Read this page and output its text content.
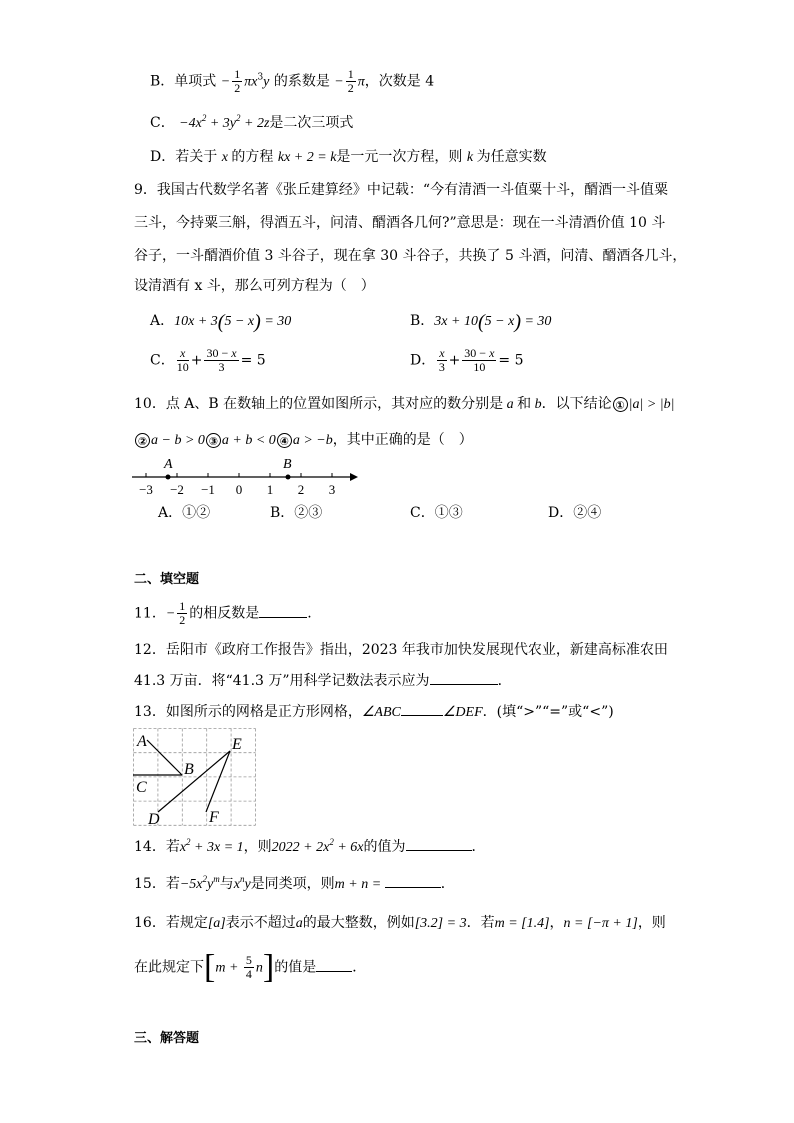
B．单项式 − $\frac{1}{2} \pi x^3y$ 的系数是 − $\frac{1}{2}$ π，次数是 4
C． $-4x^2 + 3y^2 + 2z$是二次三项式
D．若关于 x 的方程 kx + 2 = k是一元一次方程，则 k 为任意实数
9．我国古代数学名著《张丘建算经》中记载：“今有清酒一斗值粟十斗，醑酒一斗值粟
三斗，今持粟三斛，得酒五斗，问清、醑酒各几何?”意思是：现在一斗清酒价值 10 斗
谷子，一斗醑酒价值 3 斗谷子，现在拿 30 斗谷子，共换了 5 斗酒，问清、醑酒各几斗，
设清酒有 x 斗，那么可列方程为（　）
A．10x + 3(5 − x) = 30	B．3x + 10(5 − x) = 30
C． $\frac{x}{10} + \frac{30 - x}{3} = 5$	D． $\frac{x}{3} + \frac{30 - x}{10} = 5$
10．点 A、B 在数轴上的位置如图所示，其对应的数分别是 a 和 b．以下结论 ① |a| > |b|
② a − b > 0 ③ a + b < 0 ④ a > −b，其中正确的是（　）
−3 −2 −1 0 1 2 3
A	B
A．①②	B．②③	C．①③	D．②④
二、填空题
11．− $\frac{1}{2}$ 的相反数是	.
12．岳阳市《政府工作报告》指出，2023 年我市加快发展现代农业，新建高标准农田
41.3 万亩．将“41.3 万”用科学记数法表示应为	．
13．如图所示的网格是正方形网格，∠ABC	∠DEF．(填“>”“=”或“<”)
A
B
C
D
E
F
14．若$x^2 + 3x = 1$，则$2022 + 2x^2 + 6x$的值为	．
15．若$-5x^2y^m$与$x^ny$是同类项，则m + n =	．
16．若规定[a]表示不超过a的最大整数，例如[3.2] = 3．若m = [1.4]，n = [−π + 1]，则
在此规定下$[m + \frac{5}{4} n]$的值是	．
三、解答题
